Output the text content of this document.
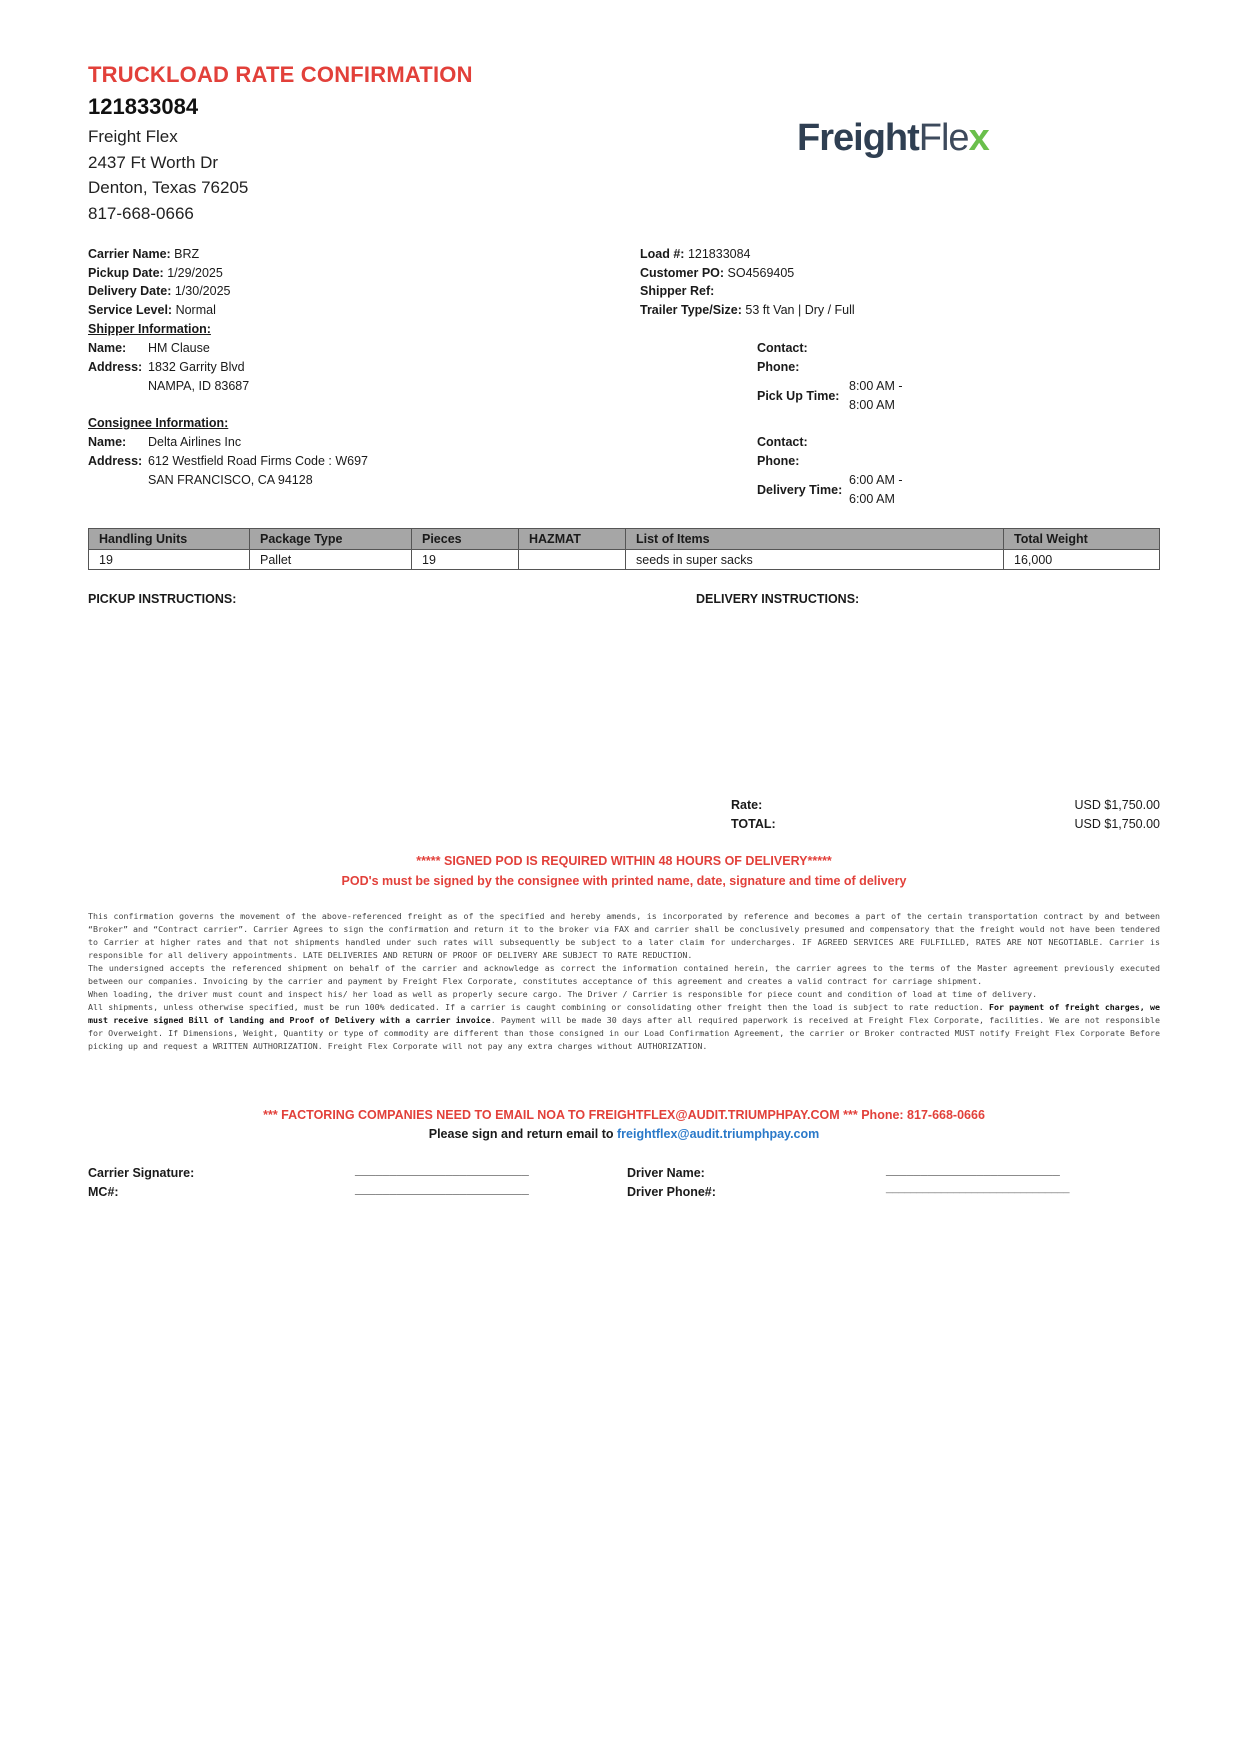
TRUCKLOAD RATE CONFIRMATION
121833084
Freight Flex
2437 Ft Worth Dr
Denton, Texas 76205
817-668-0666
FreightFlex
Carrier Name: BRZ
Pickup Date: 1/29/2025
Delivery Date: 1/30/2025
Service Level: Normal
Load #: 121833084
Customer PO: SO4569405
Shipper Ref:
Trailer Type/Size: 53 ft Van | Dry / Full
Shipper Information:
Name: HM Clause
Address: 1832 Garrity Blvd
NAMPA, ID 83687
Contact:
Phone:
Pick Up Time:
8:00 AM -
8:00 AM
Consignee Information:
Name: Delta Airlines Inc
Address: 612 Westfield Road Firms Code : W697
SAN FRANCISCO, CA 94128
Contact:
Phone:
Delivery Time:
6:00 AM -
6:00 AM
Handling Units	Package Type	Pieces	HAZMAT	List of Items	Total Weight
19	Pallet	19		seeds in super sacks	16,000
PICKUP INSTRUCTIONS:	DELIVERY INSTRUCTIONS:
Rate:	USD $1,750.00
TOTAL:	USD $1,750.00
***** SIGNED POD IS REQUIRED WITHIN 48 HOURS OF DELIVERY*****
POD's must be signed by the consignee with printed name, date, signature and time of delivery

This confirmation governs the movement of the above-referenced freight as of the specified and hereby amends, is incorporated by reference and becomes a part of the certain transportation contract by and between “Broker” and “Contract carrier”. Carrier Agrees to sign the confirmation and return it to the broker via FAX and carrier shall be conclusively presumed and compensatory that the freight would not have been tendered to Carrier at higher rates and that not shipments handled under such rates will subsequently be subject to a later claim for undercharges. IF AGREED SERVICES ARE FULFILLED, RATES ARE NOT NEGOTIABLE. Carrier is responsible for all delivery appointments. LATE DELIVERIES AND RETURN OF PROOF OF DELIVERY ARE SUBJECT TO RATE REDUCTION.

The undersigned accepts the referenced shipment on behalf of the carrier and acknowledge as correct the information contained herein, the carrier agrees to the terms of the Master agreement previously executed between our companies. Invoicing by the carrier and payment by Freight Flex Corporate, constitutes acceptance of this agreement and creates a valid contract for carriage shipment.

When loading, the driver must count and inspect his/ her load as well as properly secure cargo. The Driver / Carrier is responsible for piece count and condition of load at time of delivery.

All shipments, unless otherwise specified, must be run 100% dedicated. If a carrier is caught combining or consolidating other freight then the load is subject to rate reduction. For payment of freight charges, we must receive signed Bill of landing and Proof of Delivery with a carrier invoice. Payment will be made 30 days after all required paperwork is received at Freight Flex Corporate, facilities. We are not responsible for Overweight. If Dimensions, Weight, Quantity or type of commodity are different than those consigned in our Load Confirmation Agreement, the carrier or Broker contracted MUST notify Freight Flex Corporate Before picking up and request a WRITTEN AUTHORIZATION. Freight Flex Corporate will not pay any extra charges without AUTHORIZATION.

*** FACTORING COMPANIES NEED TO EMAIL NOA TO FREIGHTFLEX@AUDIT.TRIUMPHPAY.COM *** Phone: 817-668-0666
Please sign and return email to freightflex@audit.triumphpay.com
Carrier Signature:	_________________________
MC#:	_________________________
Driver Name:	_________________________
Driver Phone#:	______________________________
